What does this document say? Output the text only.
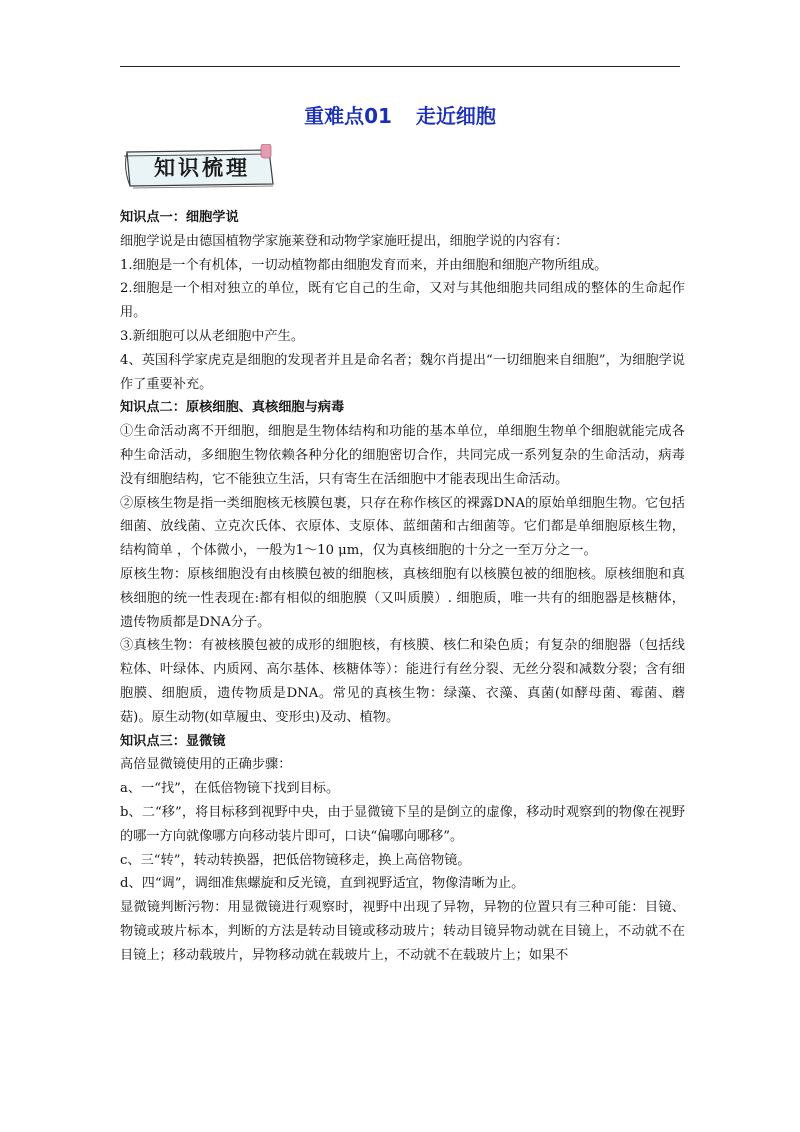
重难点01 走近细胞
知识梳理

知识点一：细胞学说

细胞学说是由德国植物学家施莱登和动物学家施旺提出，细胞学说的内容有：

1.细胞是一个有机体，一切动植物都由细胞发育而来，并由细胞和细胞产物所组成。

2.细胞是一个相对独立的单位，既有它自己的生命，又对与其他细胞共同组成的整体的生命起作用。

3.新细胞可以从老细胞中产生。

4、英国科学家虎克是细胞的发现者并且是命名者；魏尔肖提出“一切细胞来自细胞”，为细胞学说作了重要补充。

知识点二：原核细胞、真核细胞与病毒

①生命活动离不开细胞，细胞是生物体结构和功能的基本单位，单细胞生物单个细胞就能完成各种生命活动，多细胞生物依赖各种分化的细胞密切合作，共同完成一系列复杂的生命活动，病毒没有细胞结构，它不能独立生活，只有寄生在活细胞中才能表现出生命活动。

②原核生物是指一类细胞核无核膜包裹，只存在称作核区的裸露DNA的原始单细胞生物。它包括细菌、放线菌、立克次氏体、衣原体、支原体、蓝细菌和古细菌等。它们都是单细胞原核生物，结构简单 ，个体微小，一般为1～10 μm，仅为真核细胞的十分之一至万分之一。

原核生物：原核细胞没有由核膜包被的细胞核，真核细胞有以核膜包被的细胞核。原核细胞和真核细胞的统一性表现在:都有相似的细胞膜（又叫质膜）. 细胞质，唯一共有的细胞器是核糖体，遗传物质都是DNA分子。

③真核生物：有被核膜包被的成形的细胞核，有核膜、核仁和染色质；有复杂的细胞器（包括线粒体、叶绿体、内质网、高尔基体、核糖体等）：能进行有丝分裂、无丝分裂和减数分裂；含有细胞膜、细胞质，遗传物质是DNA。常见的真核生物：绿藻、衣藻、真菌(如酵母菌、霉菌、蘑菇)。原生动物(如草履虫、变形虫)及动、植物。

知识点三：显微镜

高倍显微镜使用的正确步骤：

a、一“找”，在低倍物镜下找到目标。

b、二“移”，将目标移到视野中央，由于显微镜下呈的是倒立的虚像，移动时观察到的物像在视野的哪一方向就像哪方向移动装片即可，口诀“偏哪向哪移”。

c、三“转”，转动转换器，把低倍物镜移走，换上高倍物镜。

d、四“调”，调细准焦螺旋和反光镜，直到视野适宜，物像清晰为止。

显微镜判断污物：用显微镜进行观察时，视野中出现了异物，异物的位置只有三种可能：目镜、物镜或玻片标本，判断的方法是转动目镜或移动玻片；转动目镜异物动就在目镜上，不动就不在目镜上；移动载玻片，异物移动就在载玻片上，不动就不在载玻片上；如果不
